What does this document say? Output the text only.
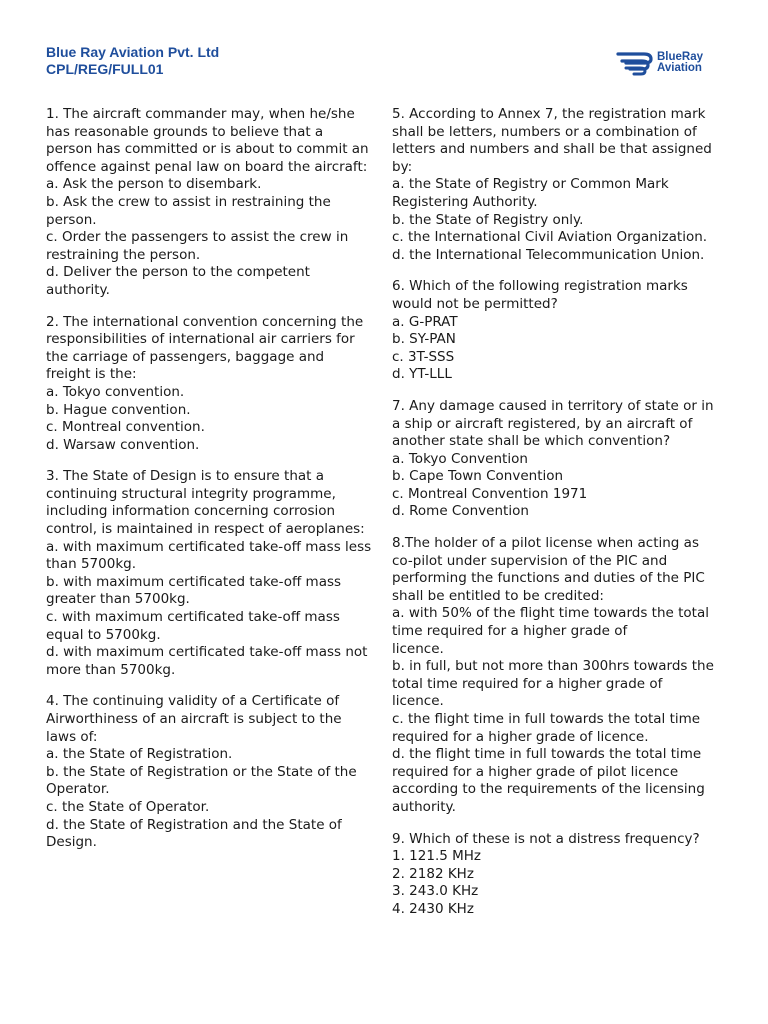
Blue Ray Aviation Pvt. Ltd
CPL/REG/FULL01
BlueRay
Aviation
1. The aircraft commander may, when he/she
has reasonable grounds to believe that a
person has committed or is about to commit an
offence against penal law on board the aircraft:
a. Ask the person to disembark.
b. Ask the crew to assist in restraining the
person.
c. Order the passengers to assist the crew in
restraining the person.
d. Deliver the person to the competent
authority.
2. The international convention concerning the
responsibilities of international air carriers for
the carriage of passengers, baggage and
freight is the:
a. Tokyo convention.
b. Hague convention.
c. Montreal convention.
d. Warsaw convention.
3. The State of Design is to ensure that a
continuing structural integrity programme,
including information concerning corrosion
control, is maintained in respect of aeroplanes:
a. with maximum certificated take-off mass less
than 5700kg.
b. with maximum certificated take-off mass
greater than 5700kg.
c. with maximum certificated take-off mass
equal to 5700kg.
d. with maximum certificated take-off mass not
more than 5700kg.
4. The continuing validity of a Certificate of
Airworthiness of an aircraft is subject to the
laws of:
a. the State of Registration.
b. the State of Registration or the State of the
Operator.
c. the State of Operator.
d. the State of Registration and the State of
Design.
5. According to Annex 7, the registration mark
shall be letters, numbers or a combination of
letters and numbers and shall be that assigned
by:
a. the State of Registry or Common Mark
Registering Authority.
b. the State of Registry only.
c. the International Civil Aviation Organization.
d. the International Telecommunication Union.
6. Which of the following registration marks
would not be permitted?
a. G-PRAT
b. SY-PAN
c. 3T-SSS
d. YT-LLL
7. Any damage caused in territory of state or in
a ship or aircraft registered, by an aircraft of
another state shall be which convention?
a. Tokyo Convention
b. Cape Town Convention
c. Montreal Convention 1971
d. Rome Convention
8.The holder of a pilot license when acting as
co-pilot under supervision of the PIC and
performing the functions and duties of the PIC
shall be entitled to be credited:
a. with 50% of the flight time towards the total
time required for a higher grade of
licence.
b. in full, but not more than 300hrs towards the
total time required for a higher grade of
licence.
c. the flight time in full towards the total time
required for a higher grade of licence.
d. the flight time in full towards the total time
required for a higher grade of pilot licence
according to the requirements of the licensing
authority.
9. Which of these is not a distress frequency?
1. 121.5 MHz
2. 2182 KHz
3. 243.0 KHz
4. 2430 KHz
